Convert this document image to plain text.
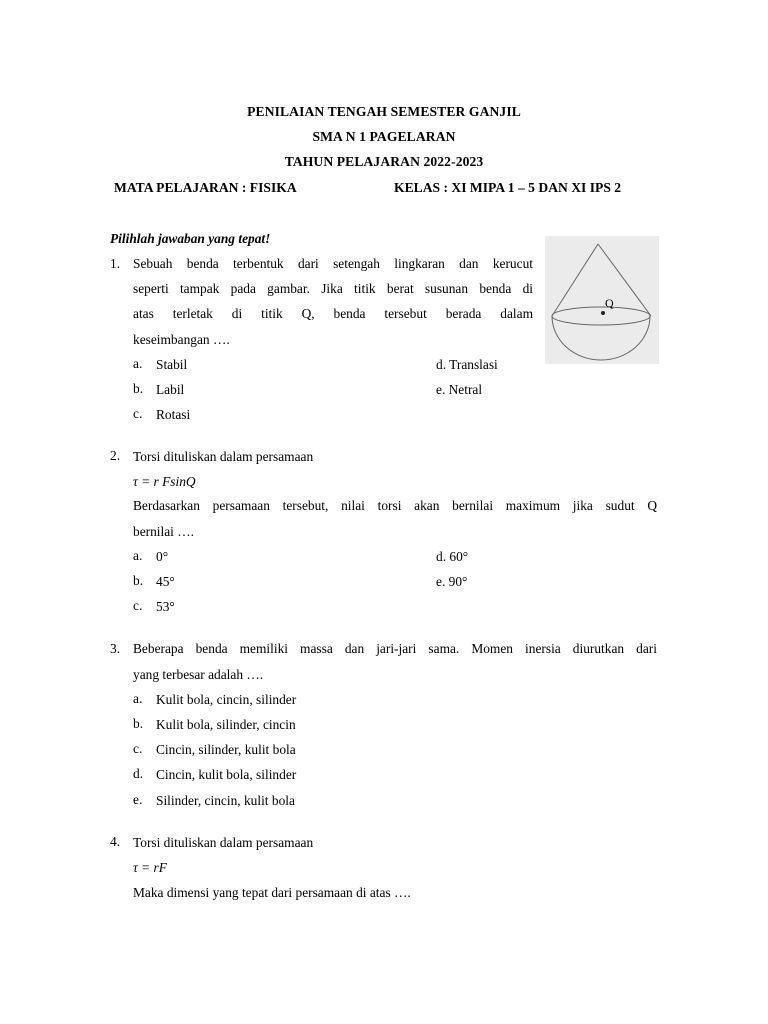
PENILAIAN TENGAH SEMESTER GANJIL
SMA N 1 PAGELARAN
TAHUN PELAJARAN 2022-2023
MATA PELAJARAN : FISIKA	KELAS : XI MIPA 1 – 5 DAN XI IPS 2
Pilihlah jawaban yang tepat!
1. Sebuah benda terbentuk dari setengah lingkaran dan kerucut
seperti tampak pada gambar. Jika titik berat susunan benda di
atas terletak di titik Q, benda tersebut berada dalam
keseimbangan ….
Q
a. Stabil	d. Translasi
b. Labil	e. Netral
c. Rotasi
2. Torsi dituliskan dalam persamaan
τ = r FsinQ
Berdasarkan persamaan tersebut, nilai torsi akan bernilai maximum jika sudut Q
bernilai ….
a. 0°	d. 60°
b. 45°	e. 90°
c. 53°
3. Beberapa benda memiliki massa dan jari-jari sama. Momen inersia diurutkan dari
yang terbesar adalah ….
a. Kulit bola, cincin, silinder
b. Kulit bola, silinder, cincin
c. Cincin, silinder, kulit bola
d. Cincin, kulit bola, silinder
e. Silinder, cincin, kulit bola
4. Torsi dituliskan dalam persamaan
τ = rF
Maka dimensi yang tepat dari persamaan di atas ….
